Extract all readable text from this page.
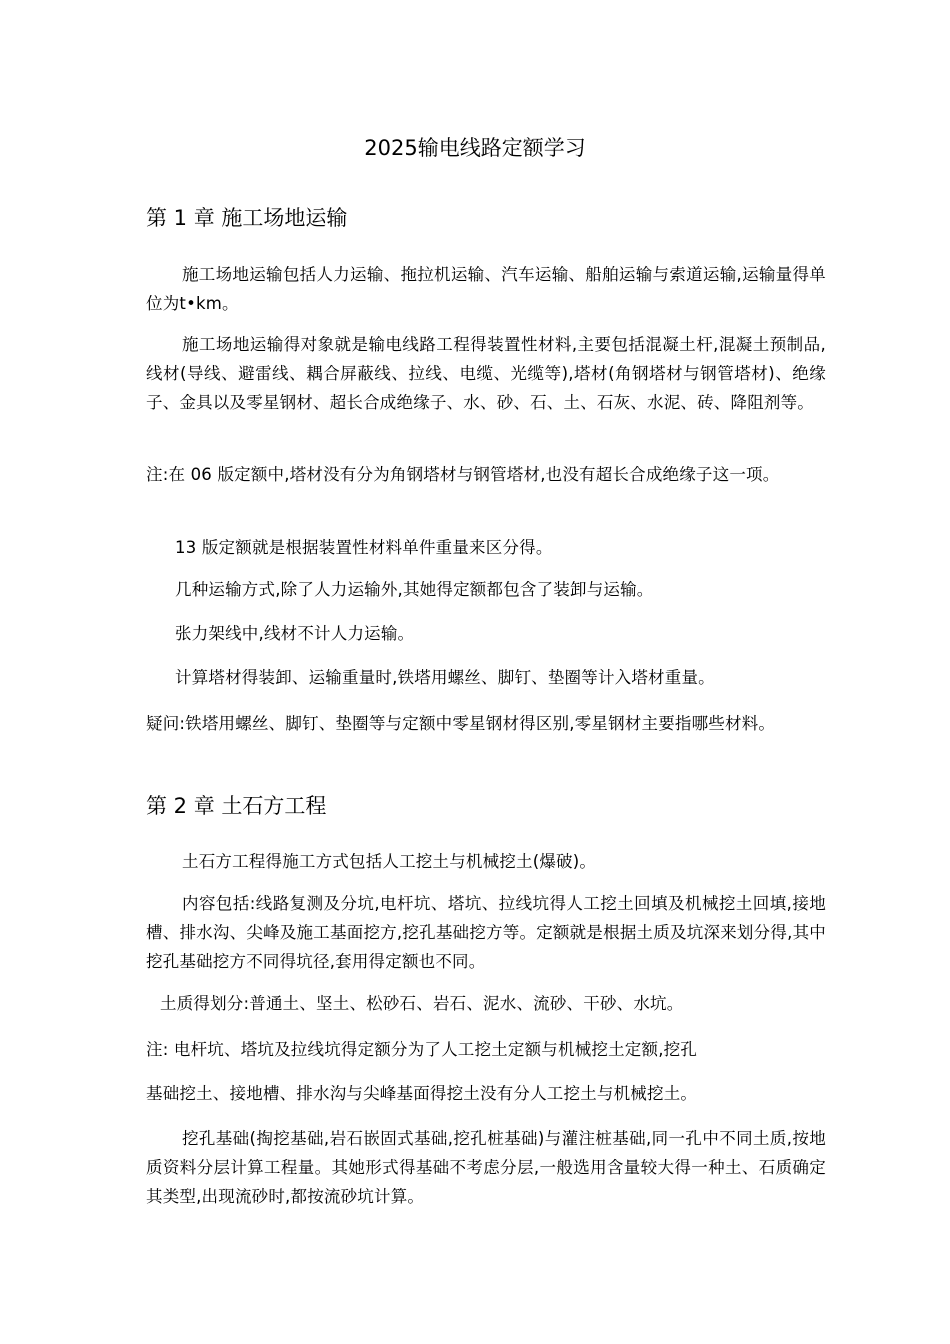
2025输电线路定额学习
第 1 章 施工场地运输
施工场地运输包括人力运输、拖拉机运输、汽车运输、船舶运输与索道运输,运输量得单位为t•km。
施工场地运输得对象就是输电线路工程得装置性材料,主要包括混凝土杆,混凝土预制品,线材(导线、避雷线、耦合屏蔽线、拉线、电缆、光缆等),塔材(角钢塔材与钢管塔材)、绝缘子、金具以及零星钢材、超长合成绝缘子、水、砂、石、土、石灰、水泥、砖、降阻剂等。
注:在 06 版定额中,塔材没有分为角钢塔材与钢管塔材,也没有超长合成绝缘子这一项。
13 版定额就是根据装置性材料单件重量来区分得。
几种运输方式,除了人力运输外,其她得定额都包含了装卸与运输。
张力架线中,线材不计人力运输。
计算塔材得装卸、运输重量时,铁塔用螺丝、脚钉、垫圈等计入塔材重量。
疑问:铁塔用螺丝、脚钉、垫圈等与定额中零星钢材得区别,零星钢材主要指哪些材料。
第 2 章 土石方工程
土石方工程得施工方式包括人工挖土与机械挖土(爆破)。
内容包括:线路复测及分坑,电杆坑、塔坑、拉线坑得人工挖土回填及机械挖土回填,接地槽、排水沟、尖峰及施工基面挖方,挖孔基础挖方等。定额就是根据土质及坑深来划分得,其中挖孔基础挖方不同得坑径,套用得定额也不同。
土质得划分:普通土、坚土、松砂石、岩石、泥水、流砂、干砂、水坑。
注: 电杆坑、塔坑及拉线坑得定额分为了人工挖土定额与机械挖土定额,挖孔
基础挖土、接地槽、排水沟与尖峰基面得挖土没有分人工挖土与机械挖土。
挖孔基础(掏挖基础,岩石嵌固式基础,挖孔桩基础)与灌注桩基础,同一孔中不同土质,按地质资料分层计算工程量。其她形式得基础不考虑分层,一般选用含量较大得一种土、石质确定其类型,出现流砂时,都按流砂坑计算。
